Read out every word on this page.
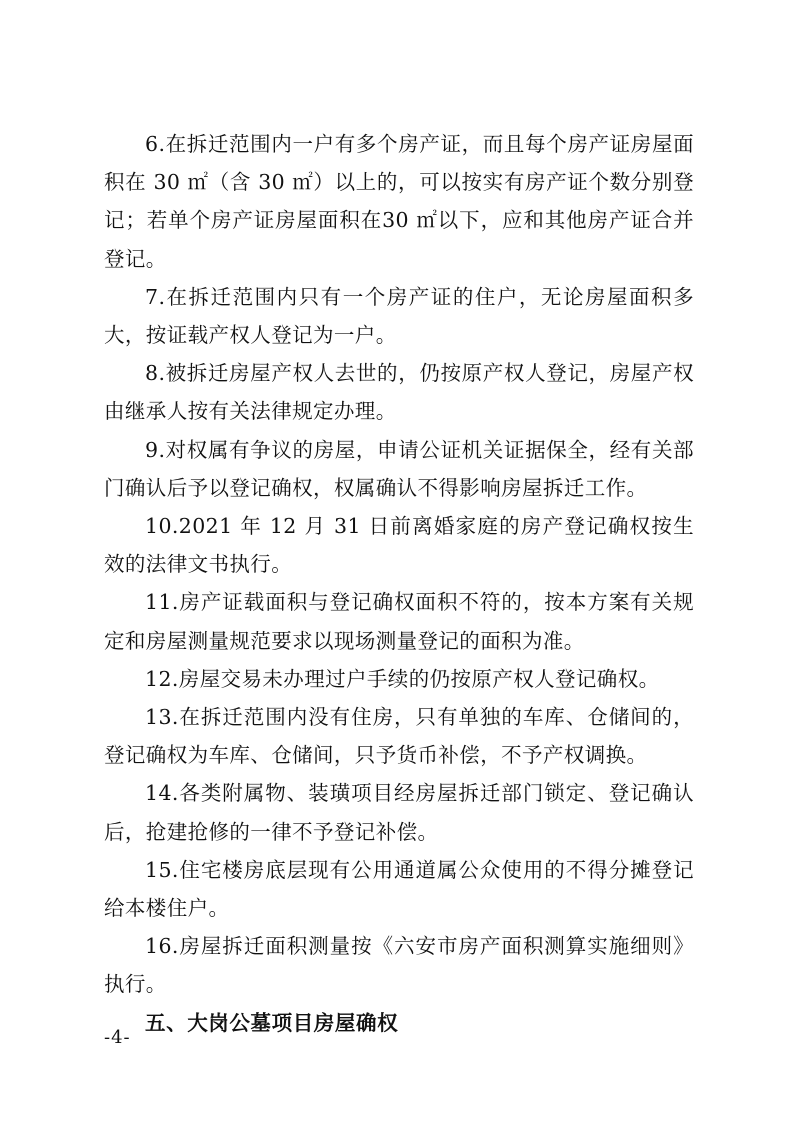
6.在拆迁范围内一户有多个房产证，而且每个房产证房屋面积在 30 ㎡（含 30 ㎡）以上的，可以按实有房产证个数分别登记；若单个房产证房屋面积在30 ㎡以下，应和其他房产证合并登记。

7.在拆迁范围内只有一个房产证的住户，无论房屋面积多大，按证载产权人登记为一户。

8.被拆迁房屋产权人去世的，仍按原产权人登记，房屋产权由继承人按有关法律规定办理。

9.对权属有争议的房屋，申请公证机关证据保全，经有关部门确认后予以登记确权，权属确认不得影响房屋拆迁工作。

10.2021 年 12 月 31 日前离婚家庭的房产登记确权按生效的法律文书执行。

11.房产证载面积与登记确权面积不符的，按本方案有关规定和房屋测量规范要求以现场测量登记的面积为准。

12.房屋交易未办理过户手续的仍按原产权人登记确权。

13.在拆迁范围内没有住房，只有单独的车库、仓储间的，登记确权为车库、仓储间，只予货币补偿，不予产权调换。

14.各类附属物、装璜项目经房屋拆迁部门锁定、登记确认后，抢建抢修的一律不予登记补偿。

15.住宅楼房底层现有公用通道属公众使用的不得分摊登记给本楼住户。

16.房屋拆迁面积测量按《六安市房产面积测算实施细则》执行。

五、大岗公墓项目房屋确权

-4-
